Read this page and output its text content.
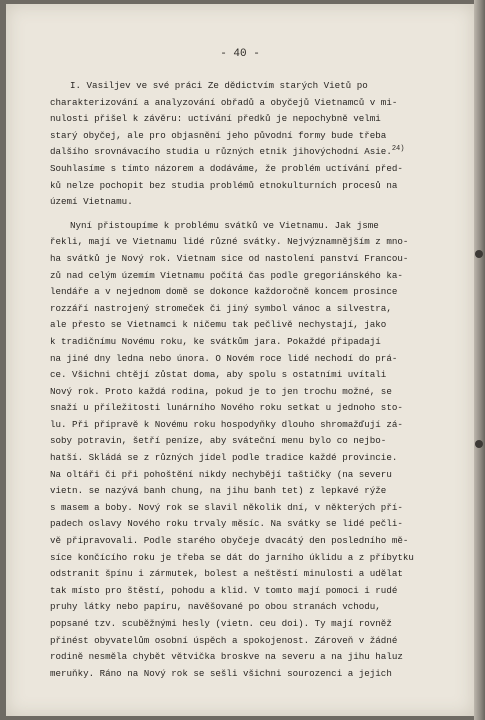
- 40 -
I. Vasiljev ve své práci Ze dědictvím starých Vietů po
charakterizování a analyzování obřadů a obyčejů Vietnamců v mi-
nulosti přišel k závěru: uctívání předků je nepochybně velmi
starý obyčej, ale pro objasnění jeho původní formy bude třeba
dalšího srovnávacího studia u různých etnik jihovýchodní Asie.$^{24)}$
Souhlasíme s tímto názorem a dodáváme, že problém uctívání před-
ků nelze pochopit bez studia problémů etnokulturních procesů na
území Vietnamu.
Nyní přistoupíme k problému svátků ve Vietnamu. Jak jsme
řekli, mají ve Vietnamu lidé různé svátky. Nejvýznamnějším z mno-
ha svátků je Nový rok. Vietnam sice od nastolení panství Francou-
zů nad celým územím Vietnamu počítá čas podle gregoriánského ka-
lendáře a v nejednom domě se dokonce každoročně koncem prosince
rozzáří nastrojený stromeček či jiný symbol vánoc a silvestra,
ale přesto se Vietnamci k ničemu tak pečlivě nechystají, jako
k tradičnímu Novému roku, ke svátkům jara. Pokaždé připadají
na jiné dny ledna nebo února. O Novém roce lidé nechodí do prá-
ce. Všichni chtějí zůstat doma, aby spolu s ostatními uvítali
Nový rok. Proto každá rodina, pokud je to jen trochu možné, se
snaží u příležitosti lunárního Nového roku setkat u jednoho sto-
lu. Při přípravě k Novému roku hospodyňky dlouho shromažďují zá-
soby potravin, šetří peníze, aby sváteční menu bylo co nejbo-
hatší. Skládá se z různých jídel podle tradice každé provincie.
Na oltáři či při pohoštění nikdy nechybějí taštičky (na severu
vietn. se nazývá banh chung, na jihu banh tet) z lepkavé rýže
s masem a boby. Nový rok se slavil několik dní, v některých pří-
padech oslavy Nového roku trvaly měsíc. Na svátky se lidé pečli-
vě připravovali. Podle starého obyčeje dvacátý den posledního mě-
síce končícího roku je třeba se dát do jarního úklidu a z příbytku
odstranit špínu i zármutek, bolest a neštěstí minulosti a udělat
tak místo pro štěstí, pohodu a klid. V tomto mají pomoci i rudé
pruhy látky nebo papíru, navěšované po obou stranách vchodu,
popsané tzv. scuběžnými hesly (vietn. ceu doi). Ty mají rovněž
přinést obyvatelům osobní úspěch a spokojenost. Zároveň v žádné
rodině nesměla chybět větvička broskve na severu a na jihu haluz
meruňky. Ráno na Nový rok se sešli všichni sourozenci a jejich
